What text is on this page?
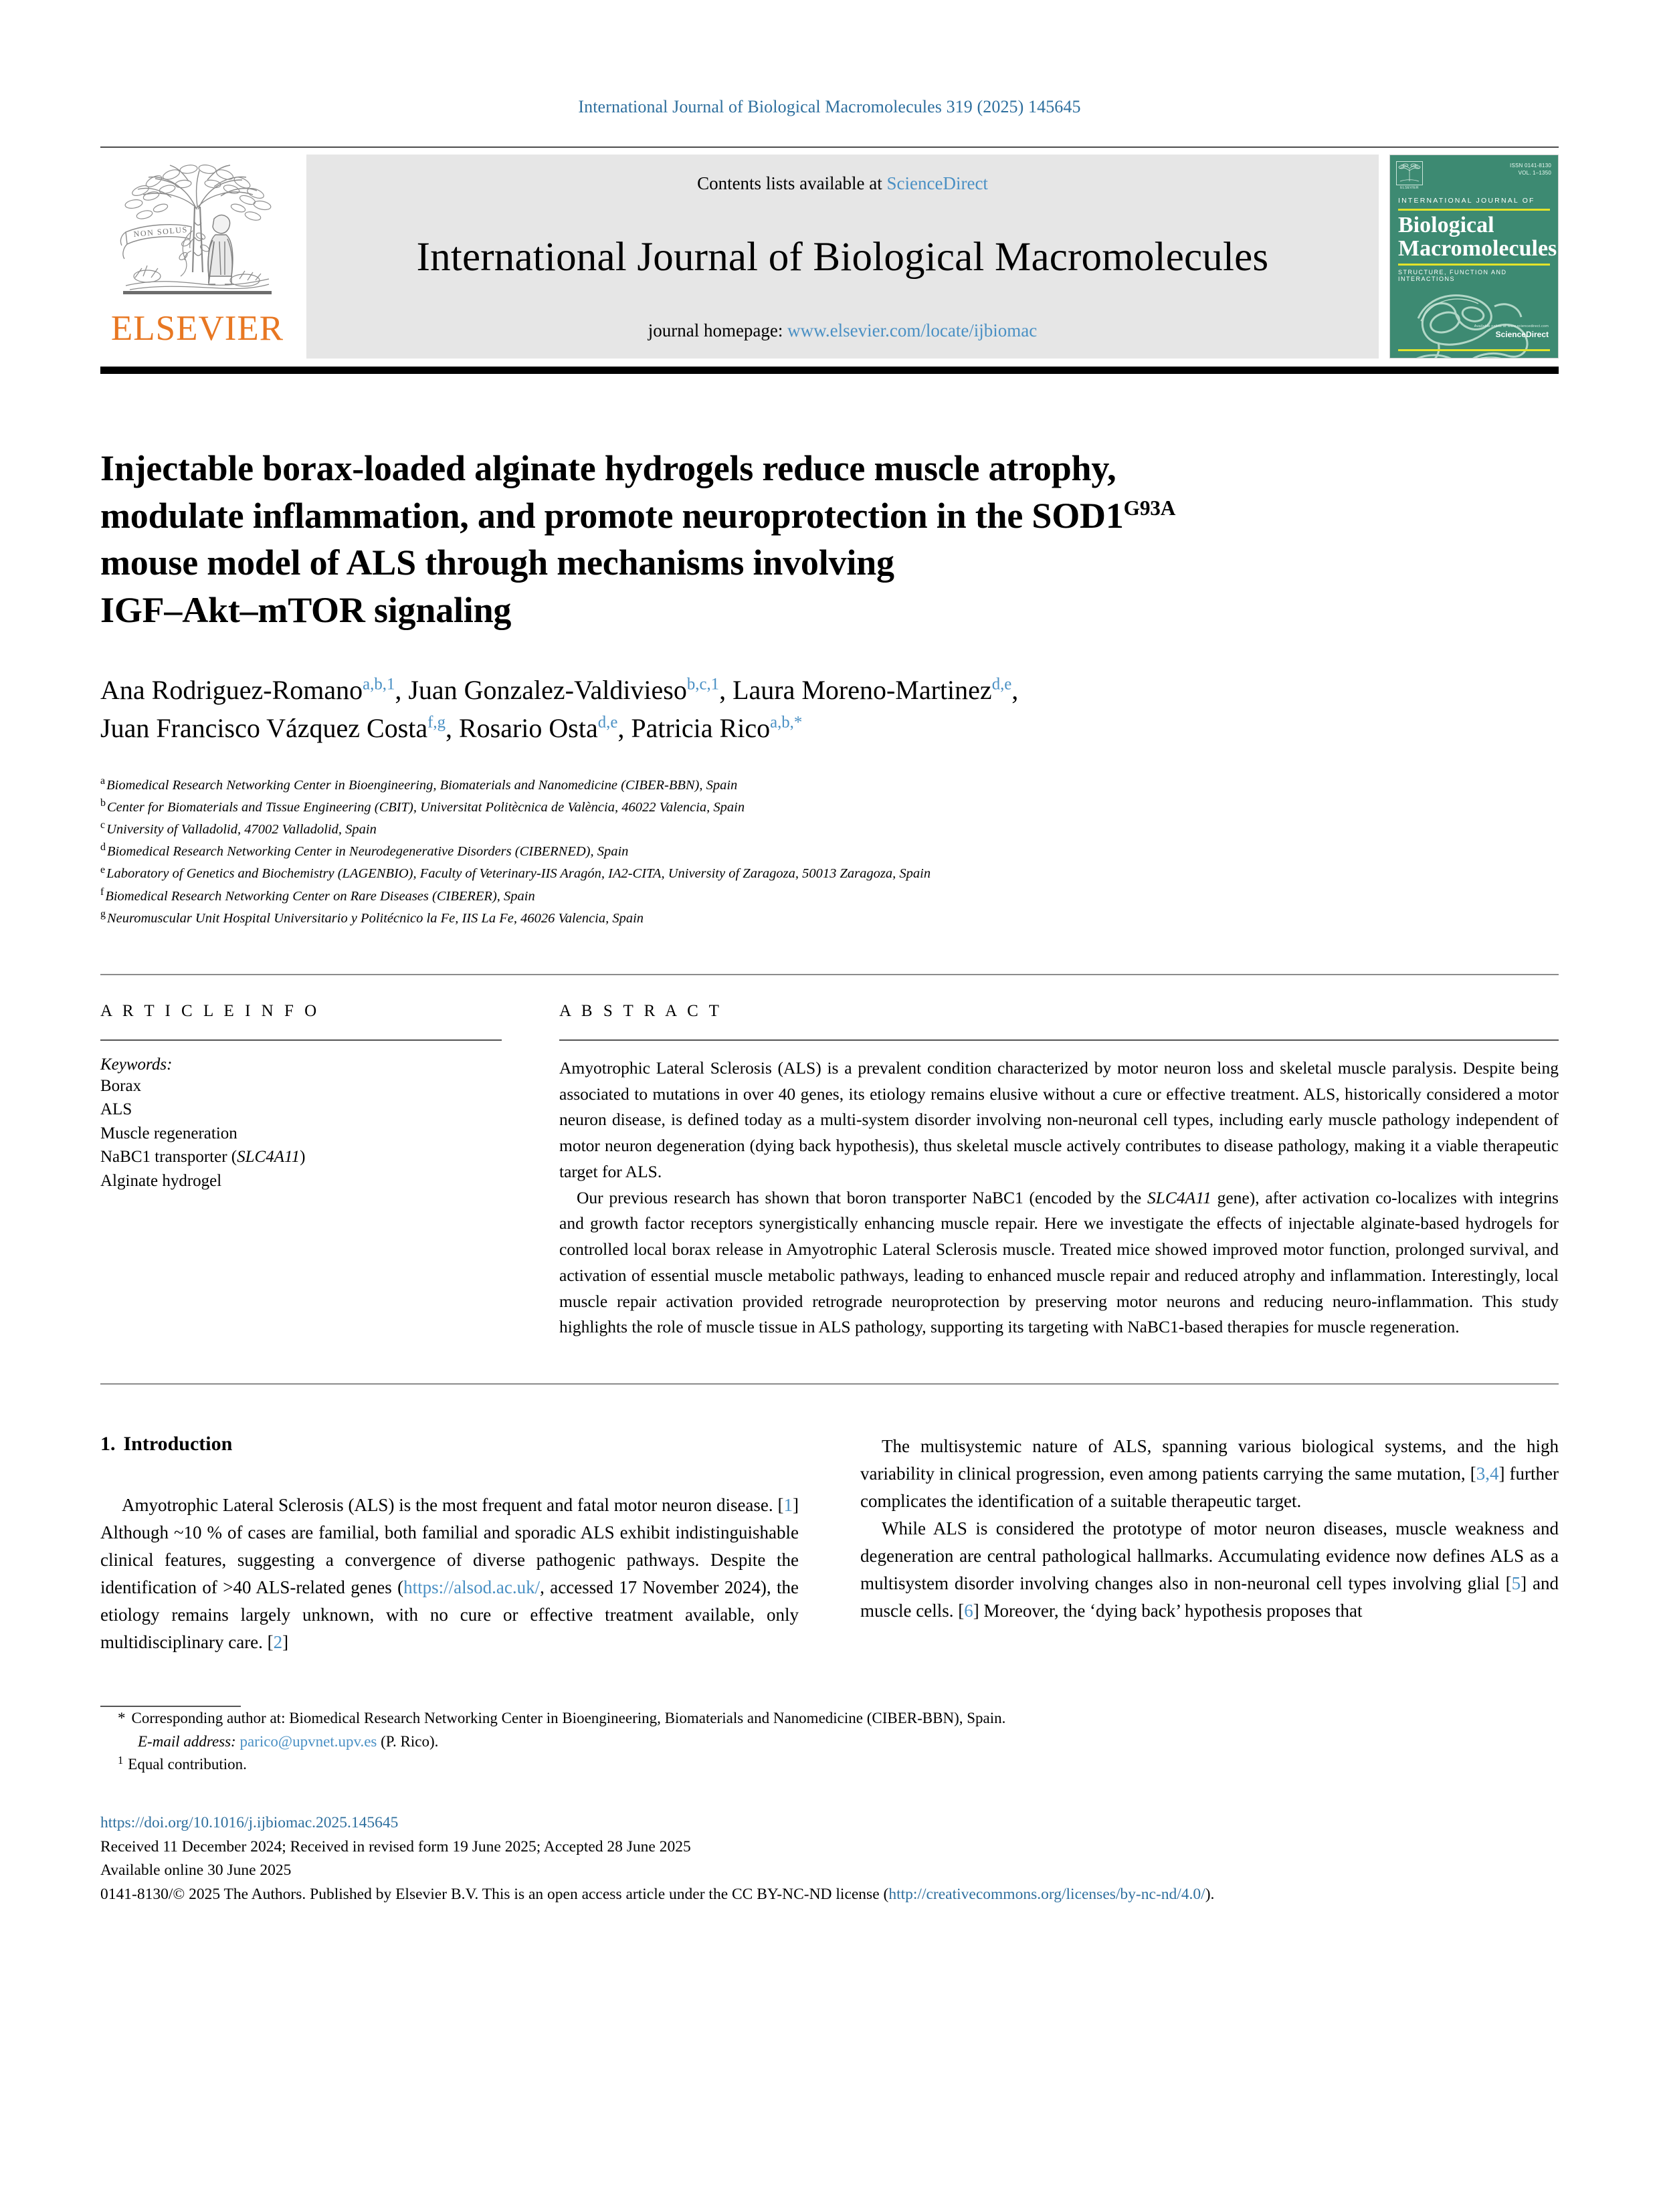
International Journal of Biological Macromolecules 319 (2025) 145645
NON SOLUS
ELSEVIER
Contents lists available at ScienceDirect
International Journal of Biological Macromolecules
journal homepage: www.elsevier.com/locate/ijbiomac
ELSEVIER
ISSN 0141-8130
VOL. 1–1350
INTERNATIONAL JOURNAL OF
Biological
Macromolecules
STRUCTURE, FUNCTION AND INTERACTIONS
Available online at www.sciencedirect.com
ScienceDirect
Injectable borax-loaded alginate hydrogels reduce muscle atrophy,
modulate inflammation, and promote neuroprotection in the $SOD1^{G93A}$
mouse model of ALS through mechanisms involving
IGF–Akt–mTOR signaling
Ana Rodriguez-Romano$^{a,b,1}$, Juan Gonzalez-Valdivieso$^{b,c,1}$, Laura Moreno-Martinez$^{d,e}$,
Juan Francisco Vázquez Costa$^{f,g}$, Rosario Osta$^{d,e}$, Patricia Rico$^{a,b,*}$
$^a$Biomedical Research Networking Center in Bioengineering, Biomaterials and Nanomedicine (CIBER-BBN), Spain
$^b$Center for Biomaterials and Tissue Engineering (CBIT), Universitat Politècnica de València, 46022 Valencia, Spain
$^c$University of Valladolid, 47002 Valladolid, Spain
$^d$Biomedical Research Networking Center in Neurodegenerative Disorders (CIBERNED), Spain
$^e$Laboratory of Genetics and Biochemistry (LAGENBIO), Faculty of Veterinary-IIS Aragón, IA2-CITA, University of Zaragoza, 50013 Zaragoza, Spain
$^f$Biomedical Research Networking Center on Rare Diseases (CIBERER), Spain
$^g$Neuromuscular Unit Hospital Universitario y Politécnico la Fe, IIS La Fe, 46026 Valencia, Spain
A R T I C L E I N F O
Keywords:
Borax
ALS
Muscle regeneration
NaBC1 transporter (SLC4A11)
Alginate hydrogel
A B S T R A C T

Amyotrophic Lateral Sclerosis (ALS) is a prevalent condition characterized by motor neuron loss and skeletal muscle paralysis. Despite being associated to mutations in over 40 genes, its etiology remains elusive without a cure or effective treatment. ALS, historically considered a motor neuron disease, is defined today as a multi-system disorder involving non-neuronal cell types, including early muscle pathology independent of motor neuron degeneration (dying back hypothesis), thus skeletal muscle actively contributes to disease pathology, making it a viable therapeutic target for ALS.

Our previous research has shown that boron transporter NaBC1 (encoded by the SLC4A11 gene), after activation co-localizes with integrins and growth factor receptors synergistically enhancing muscle repair. Here we investigate the effects of injectable alginate-based hydrogels for controlled local borax release in Amyotrophic Lateral Sclerosis muscle. Treated mice showed improved motor function, prolonged survival, and activation of essential muscle metabolic pathways, leading to enhanced muscle repair and reduced atrophy and inflammation. Interestingly, local muscle repair activation provided retrograde neuroprotection by preserving motor neurons and reducing neuro-inflammation. This study highlights the role of muscle tissue in ALS pathology, supporting its targeting with NaBC1-based therapies for muscle regeneration.

1. Introduction

Amyotrophic Lateral Sclerosis (ALS) is the most frequent and fatal motor neuron disease. [1] Although ~10 % of cases are familial, both familial and sporadic ALS exhibit indistinguishable clinical features, suggesting a convergence of diverse pathogenic pathways. Despite the identification of >40 ALS-related genes (https://alsod.ac.uk/, accessed 17 November 2024), the etiology remains largely unknown, with no cure or effective treatment available, only multidisciplinary care. [2]

The multisystemic nature of ALS, spanning various biological systems, and the high variability in clinical progression, even among patients carrying the same mutation, [3,4] further complicates the identification of a suitable therapeutic target.

While ALS is considered the prototype of motor neuron diseases, muscle weakness and degeneration are central pathological hallmarks. Accumulating evidence now defines ALS as a multisystem disorder involving changes also in non-neuronal cell types involving glial [5] and muscle cells. [6] Moreover, the ‘dying back’ hypothesis proposes that

* Corresponding author at: Biomedical Research Networking Center in Bioengineering, Biomaterials and Nanomedicine (CIBER-BBN), Spain.
E-mail address: parico@upvnet.upv.es (P. Rico).
$^1$ Equal contribution.
https://doi.org/10.1016/j.ijbiomac.2025.145645
Received 11 December 2024; Received in revised form 19 June 2025; Accepted 28 June 2025
Available online 30 June 2025
0141-8130/© 2025 The Authors. Published by Elsevier B.V. This is an open access article under the CC BY-NC-ND license (http://creativecommons.org/licenses/by-nc-nd/4.0/).
